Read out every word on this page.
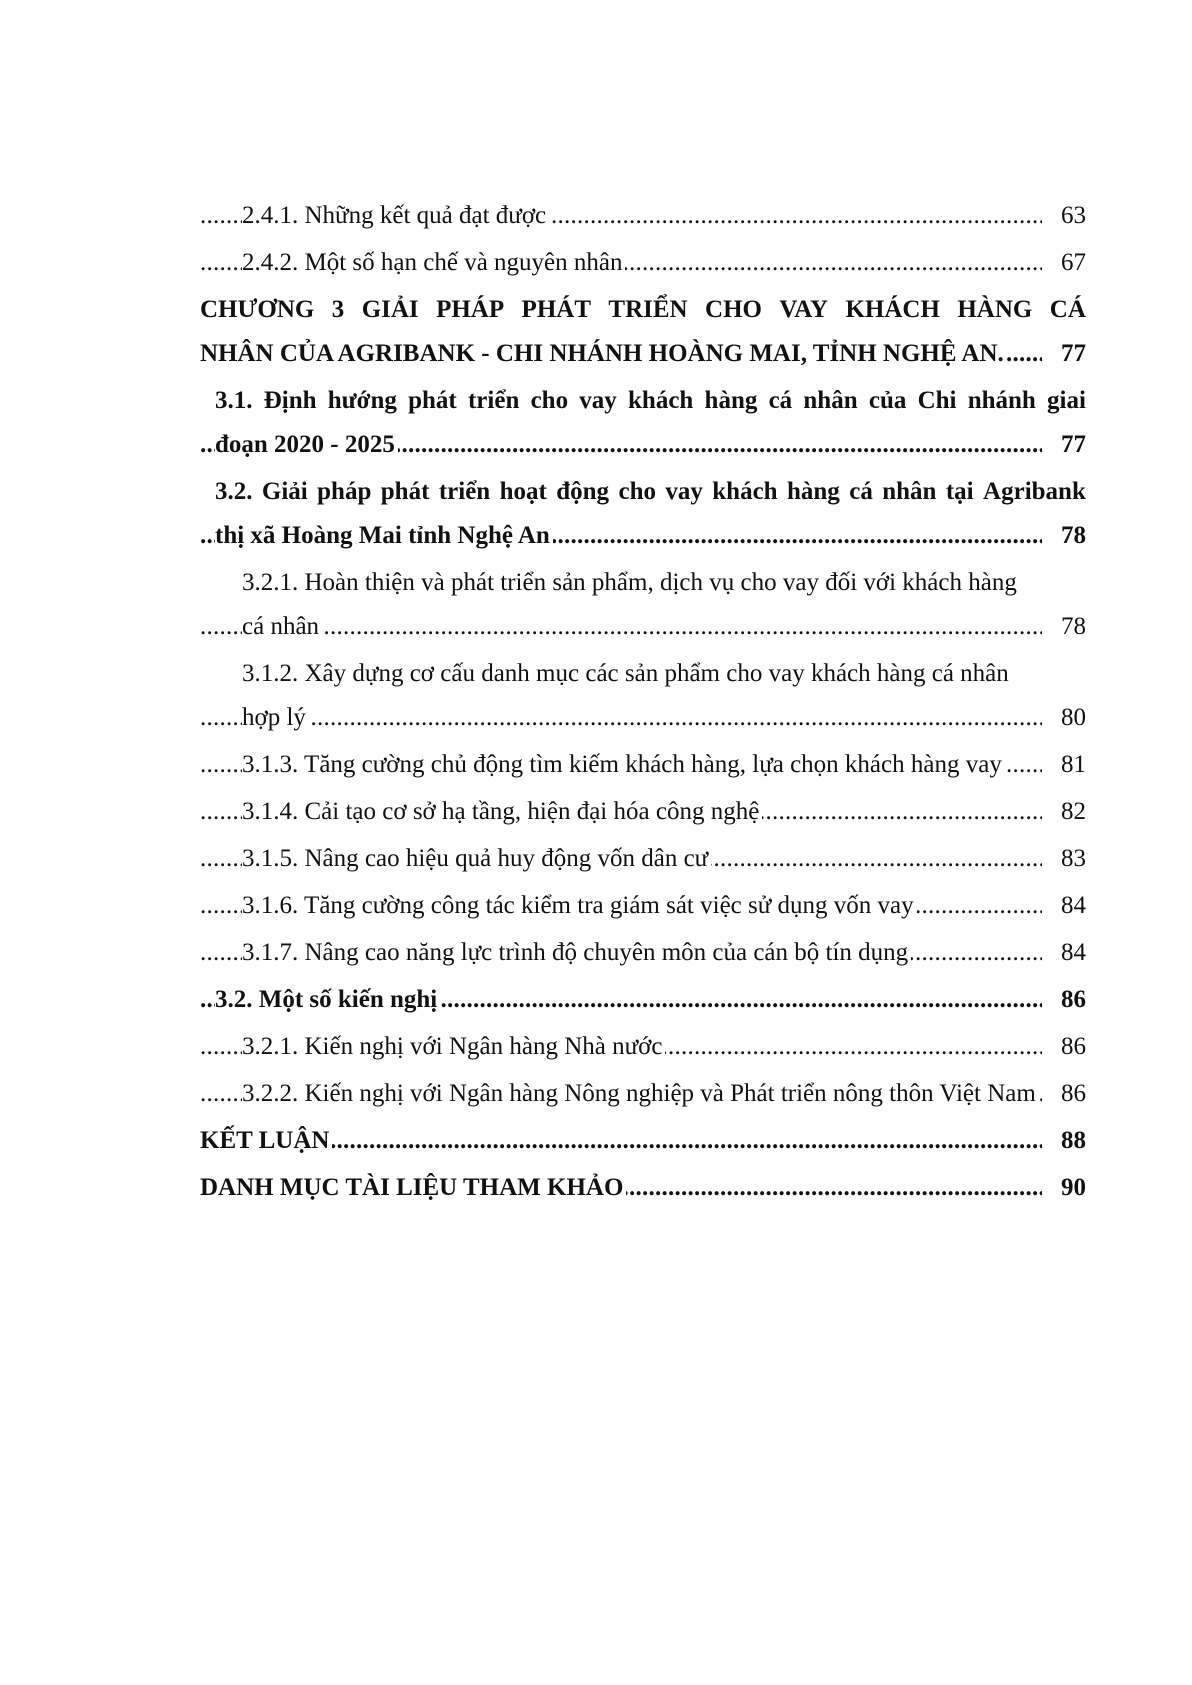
. . .
2.4.1. Những kết quả đạt được	63
. . .
2.4.2. Một số hạn chế và nguyên nhân	67
CHƯƠNG 3 GIẢI PHÁP PHÁT TRIỂN CHO VAY KHÁCH HÀNG CÁ
. . .
NHÂN CỦA AGRIBANK - CHI NHÁNH HOÀNG MAI, TỈNH NGHỆ AN. 77
3.1. Định hướng phát triển cho vay khách hàng cá nhân của Chi nhánh giai
. . .
đoạn 2020 - 2025	77
3.2. Giải pháp phát triển hoạt động cho vay khách hàng cá nhân tại Agribank
. . .
thị xã Hoàng Mai tỉnh Nghệ An	78
3.2.1. Hoàn thiện và phát triển sản phẩm, dịch vụ cho vay đối với khách hàng
. . .
cá nhân	78
3.1.2. Xây dựng cơ cấu danh mục các sản phẩm cho vay khách hàng cá nhân
. . .
hợp lý	80
. . .
3.1.3. Tăng cường chủ động tìm kiếm khách hàng, lựa chọn khách hàng vay 81
. . .
3.1.4. Cải tạo cơ sở hạ tầng, hiện đại hóa công nghệ	82
. . .
3.1.5. Nâng cao hiệu quả huy động vốn dân cư	83
. . .
3.1.6. Tăng cường công tác kiểm tra giám sát việc sử dụng vốn vay	84
. . .
3.1.7. Nâng cao năng lực trình độ chuyên môn của cán bộ tín dụng	84
. . .
3.2. Một số kiến nghị	86
. . .
3.2.1. Kiến nghị với Ngân hàng Nhà nước	86
. . .
3.2.2. Kiến nghị với Ngân hàng Nông nghiệp và Phát triển nông thôn Việt Nam 86
. . .
KẾT LUẬN	88
. . .
DANH MỤC TÀI LIỆU THAM KHẢO	90
